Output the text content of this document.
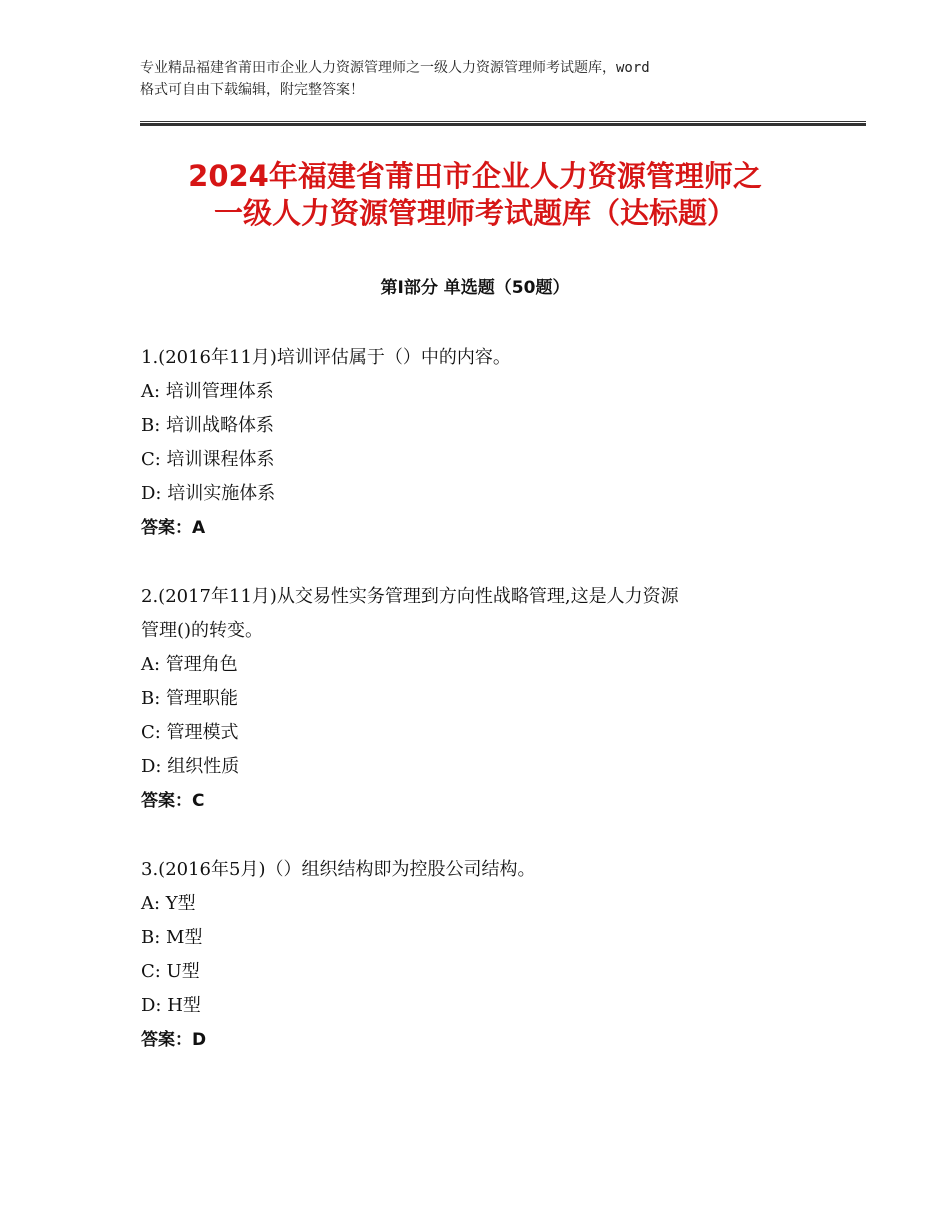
专业精品福建省莆田市企业人力资源管理师之一级人力资源管理师考试题库，word
格式可自由下载编辑，附完整答案！
2024年福建省莆田市企业人力资源管理师之
一级人力资源管理师考试题库（达标题）
第Ⅰ部分 单选题（50题）
1.(2016年11月)培训评估属于（）中的内容。
A: 培训管理体系
B: 培训战略体系
C: 培训课程体系
D: 培训实施体系
答案：A
2.(2017年11月)从交易性实务管理到方向性战略管理,这是人力资源
管理()的转变。
A: 管理角色
B: 管理职能
C: 管理模式
D: 组织性质
答案：C
3.(2016年5月)（）组织结构即为控股公司结构。
A: Y型
B: M型
C: U型
D: H型
答案：D
